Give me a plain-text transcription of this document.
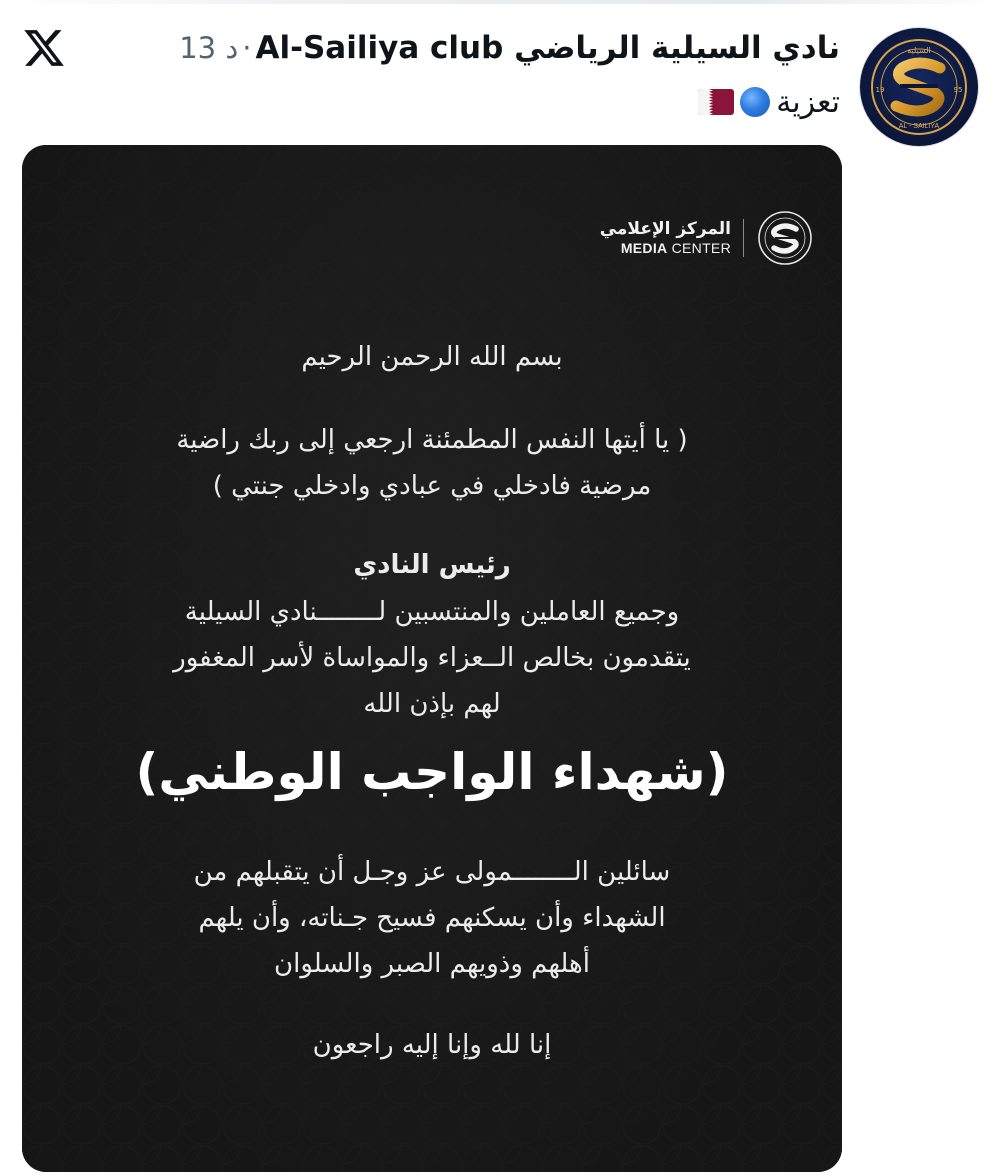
السيلية
19	95
AL - SAILIYA
13 د · نادي السيلية الرياضي Al-Sailiya club
تعزية
المركز الإعلامي
MEDIA CENTER
بسم الله الرحمن الرحيم
( يا أيتها النفس المطمئنة ارجعي إلى ربك راضية
مرضية فادخلي في عبادي وادخلي جنتي )
رئيس النادي
وجميع العاملين والمنتسبين لــــــــنادي السيلية
يتقدمون بخالص الــعزاء والمواساة لأسر المغفور
لهم بإذن الله
(شهداء الواجب الوطني)
سائلين الــــــــمولى عز وجـل أن يتقبلهم من
الشهداء وأن يسكنهم فسيح جـناته، وأن يلهم
أهلهم وذويهم الصبر والسلوان
إنا لله وإنا إليه راجعون
